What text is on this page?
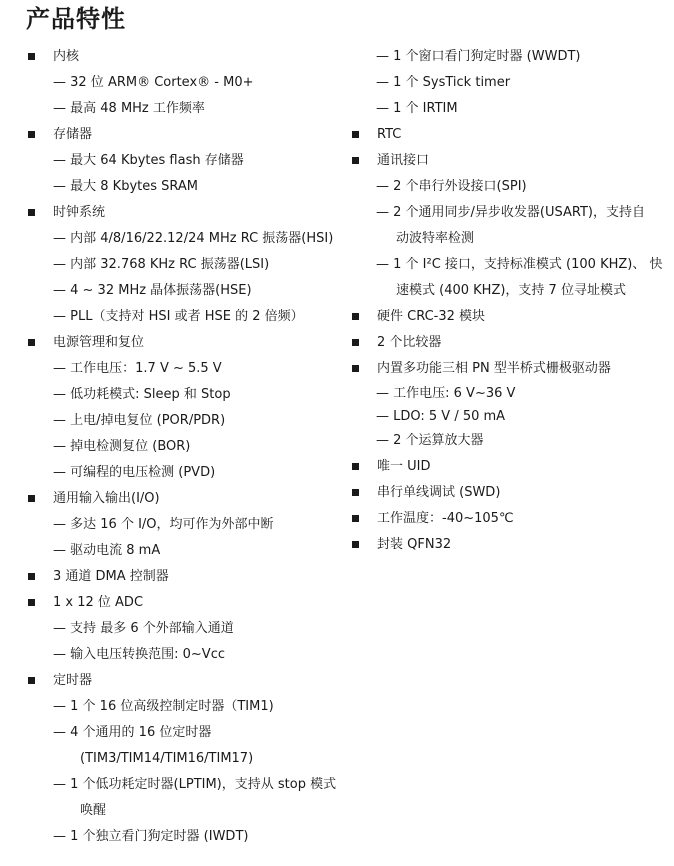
产品特性
内核
— 32 位 ARM® Cortex® - M0+
— 最高 48 MHz 工作频率
存储器
— 最大 64 Kbytes flash 存储器
— 最大 8 Kbytes SRAM
时钟系统
— 内部 4/8/16/22.12/24 MHz RC 振荡器(HSI)
— 内部 32.768 KHz RC 振荡器(LSI)
— 4 ~ 32 MHz 晶体振荡器(HSE)
— PLL（支持对 HSI 或者 HSE 的 2 倍频）
电源管理和复位
— 工作电压：1.7 V ~ 5.5 V
— 低功耗模式: Sleep 和 Stop
— 上电/掉电复位 (POR/PDR)
— 掉电检测复位 (BOR)
— 可编程的电压检测 (PVD)
通用输入输出(I/O)
— 多达 16 个 I/O，均可作为外部中断
— 驱动电流 8 mA
3 通道 DMA 控制器
1 x 12 位 ADC
— 支持 最多 6 个外部输入通道
— 输入电压转换范围: 0~Vcc
定时器
— 1 个 16 位高级控制定时器（TIM1)
— 4 个通用的 16 位定时器
(TIM3/TIM14/TIM16/TIM17)
— 1 个低功耗定时器(LPTIM)，支持从 stop 模式
唤醒
— 1 个独立看门狗定时器 (IWDT)
— 1 个窗口看门狗定时器 (WWDT)
— 1 个 SysTick timer
— 1 个 IRTIM
RTC
通讯接口
— 2 个串行外设接口(SPI)
— 2 个通用同步/异步收发器(USART)，支持自
动波特率检测
— 1 个 I²C 接口，支持标准模式 (100 KHZ)、 快
速模式 (400 KHZ)，支持 7 位寻址模式
硬件 CRC-32 模块
2 个比较器
内置多功能三相 PN 型半桥式栅极驱动器
— 工作电压: 6 V~36 V
— LDO: 5 V / 50 mA
— 2 个运算放大器
唯一 UID
串行单线调试 (SWD)
工作温度：-40~105℃
封装 QFN32
